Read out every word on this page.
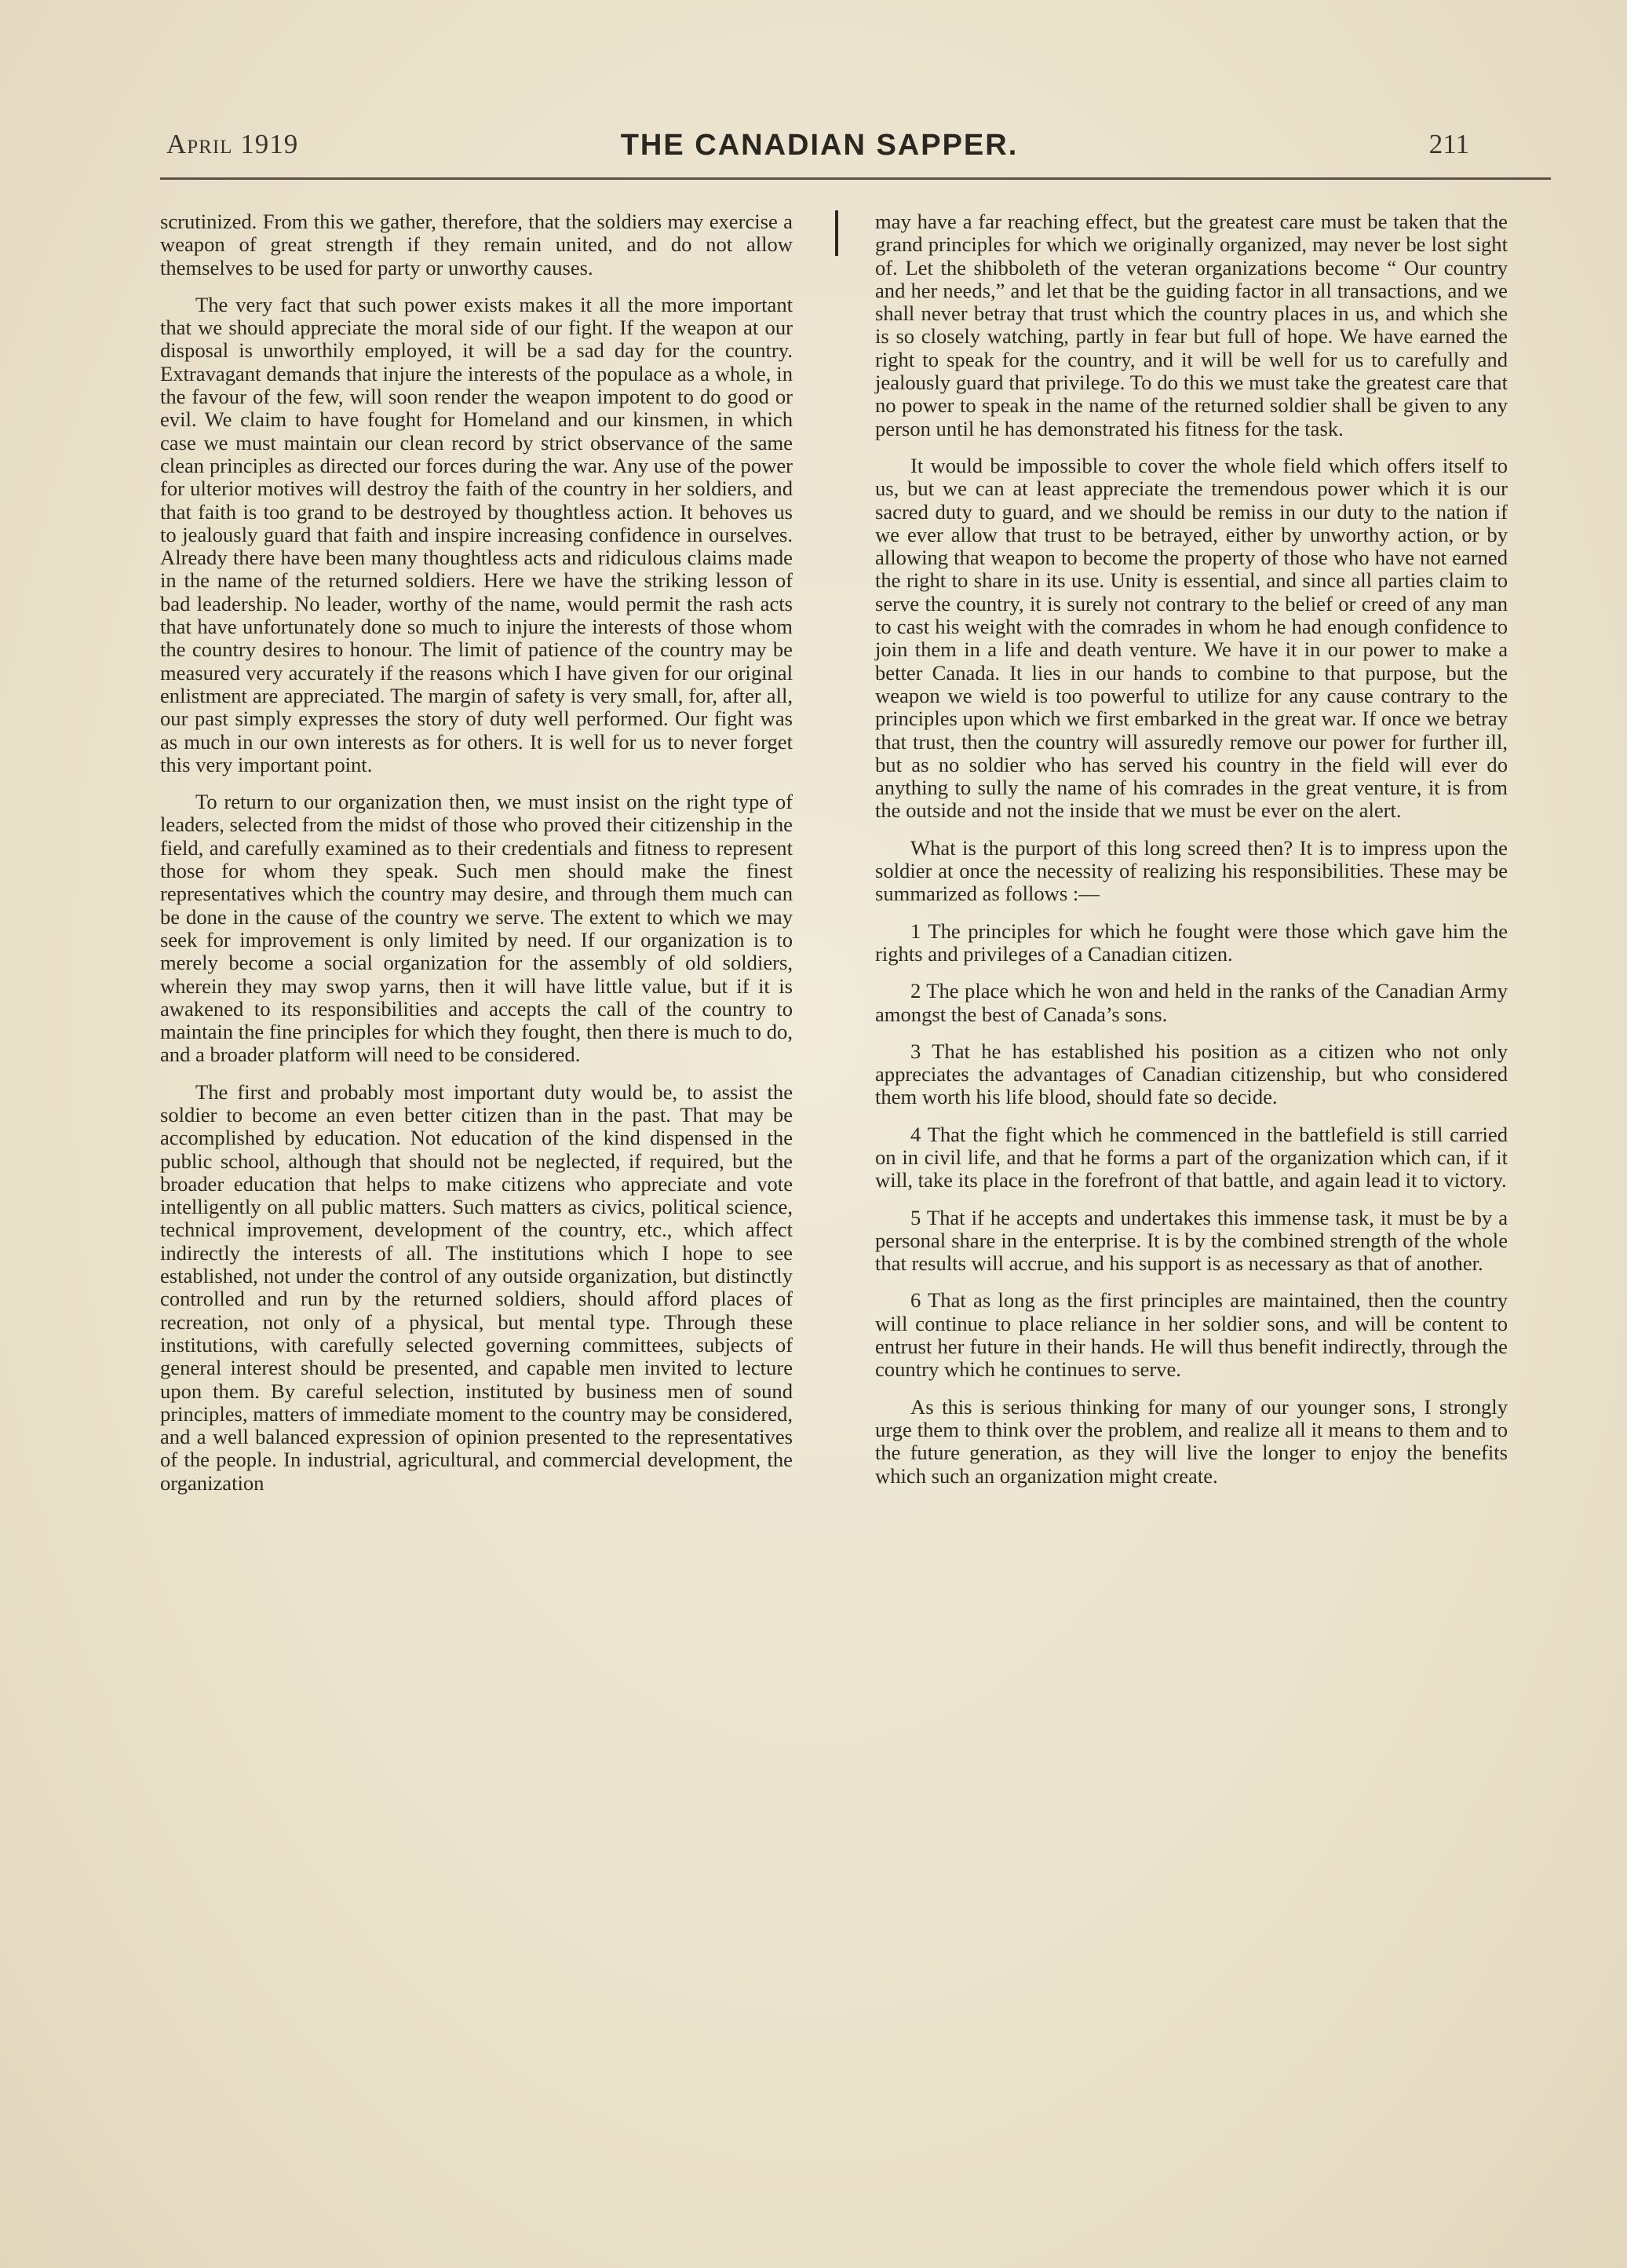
April 1919	THE CANADIAN SAPPER.	211

scrutinized. From this we gather, therefore, that the soldiers may exercise a weapon of great strength if they remain united, and do not allow themselves to be used for party or unworthy causes.

The very fact that such power exists makes it all the more important that we should appreciate the moral side of our fight. If the weapon at our disposal is unworthily employed, it will be a sad day for the country. Extravagant demands that injure the interests of the populace as a whole, in the favour of the few, will soon render the weapon impotent to do good or evil. We claim to have fought for Homeland and our kinsmen, in which case we must maintain our clean record by strict observance of the same clean principles as directed our forces during the war. Any use of the power for ulterior motives will destroy the faith of the country in her soldiers, and that faith is too grand to be destroyed by thoughtless action. It behoves us to jealously guard that faith and inspire increasing confidence in ourselves. Already there have been many thoughtless acts and ridiculous claims made in the name of the returned soldiers. Here we have the striking lesson of bad leadership. No leader, worthy of the name, would permit the rash acts that have unfortunately done so much to injure the interests of those whom the country desires to honour. The limit of patience of the country may be measured very accurately if the reasons which I have given for our original enlistment are appreciated. The margin of safety is very small, for, after all, our past simply expresses the story of duty well performed. Our fight was as much in our own interests as for others. It is well for us to never forget this very important point.

To return to our organization then, we must insist on the right type of leaders, selected from the midst of those who proved their citizenship in the field, and carefully examined as to their credentials and fitness to represent those for whom they speak. Such men should make the finest representatives which the country may desire, and through them much can be done in the cause of the country we serve. The extent to which we may seek for improvement is only limited by need. If our organization is to merely become a social organization for the assembly of old soldiers, wherein they may swop yarns, then it will have little value, but if it is awakened to its responsibilities and accepts the call of the country to maintain the fine principles for which they fought, then there is much to do, and a broader platform will need to be considered.

The first and probably most important duty would be, to assist the soldier to become an even better citizen than in the past. That may be accomplished by education. Not education of the kind dispensed in the public school, although that should not be neglected, if required, but the broader education that helps to make citizens who appreciate and vote intelligently on all public matters. Such matters as civics, political science, technical improvement, development of the country, etc., which affect indirectly the interests of all. The institutions which I hope to see established, not under the control of any outside organization, but distinctly controlled and run by the returned soldiers, should afford places of recreation, not only of a physical, but mental type. Through these institutions, with carefully selected governing committees, subjects of general interest should be presented, and capable men invited to lecture upon them. By careful selection, instituted by business men of sound principles, matters of immediate moment to the country may be considered, and a well balanced expression of opinion presented to the representatives of the people. In industrial, agricultural, and commercial development, the organization

may have a far reaching effect, but the greatest care must be taken that the grand principles for which we originally organized, may never be lost sight of. Let the shibboleth of the veteran organizations become “ Our country and her needs,” and let that be the guiding factor in all transactions, and we shall never betray that trust which the country places in us, and which she is so closely watching, partly in fear but full of hope. We have earned the right to speak for the country, and it will be well for us to carefully and jealously guard that privilege. To do this we must take the greatest care that no power to speak in the name of the returned soldier shall be given to any person until he has demonstrated his fitness for the task.

It would be impossible to cover the whole field which offers itself to us, but we can at least appreciate the tremendous power which it is our sacred duty to guard, and we should be remiss in our duty to the nation if we ever allow that trust to be betrayed, either by unworthy action, or by allowing that weapon to become the property of those who have not earned the right to share in its use. Unity is essential, and since all parties claim to serve the country, it is surely not contrary to the belief or creed of any man to cast his weight with the comrades in whom he had enough confidence to join them in a life and death venture. We have it in our power to make a better Canada. It lies in our hands to combine to that purpose, but the weapon we wield is too powerful to utilize for any cause contrary to the principles upon which we first embarked in the great war. If once we betray that trust, then the country will assuredly remove our power for further ill, but as no soldier who has served his country in the field will ever do anything to sully the name of his comrades in the great venture, it is from the outside and not the inside that we must be ever on the alert.

What is the purport of this long screed then? It is to impress upon the soldier at once the necessity of realizing his responsibilities. These may be summarized as follows :—

1 The principles for which he fought were those which gave him the rights and privileges of a Canadian citizen.

2 The place which he won and held in the ranks of the Canadian Army amongst the best of Canada’s sons.

3 That he has established his position as a citizen who not only appreciates the advantages of Canadian citizenship, but who considered them worth his life blood, should fate so decide.

4 That the fight which he commenced in the battlefield is still carried on in civil life, and that he forms a part of the organization which can, if it will, take its place in the forefront of that battle, and again lead it to victory.

5 That if he accepts and undertakes this immense task, it must be by a personal share in the enterprise. It is by the combined strength of the whole that results will accrue, and his support is as necessary as that of another.

6 That as long as the first principles are maintained, then the country will continue to place reliance in her soldier sons, and will be content to entrust her future in their hands. He will thus benefit indirectly, through the country which he continues to serve.

As this is serious thinking for many of our younger sons, I strongly urge them to think over the problem, and realize all it means to them and to the future generation, as they will live the longer to enjoy the benefits which such an organization might create.
